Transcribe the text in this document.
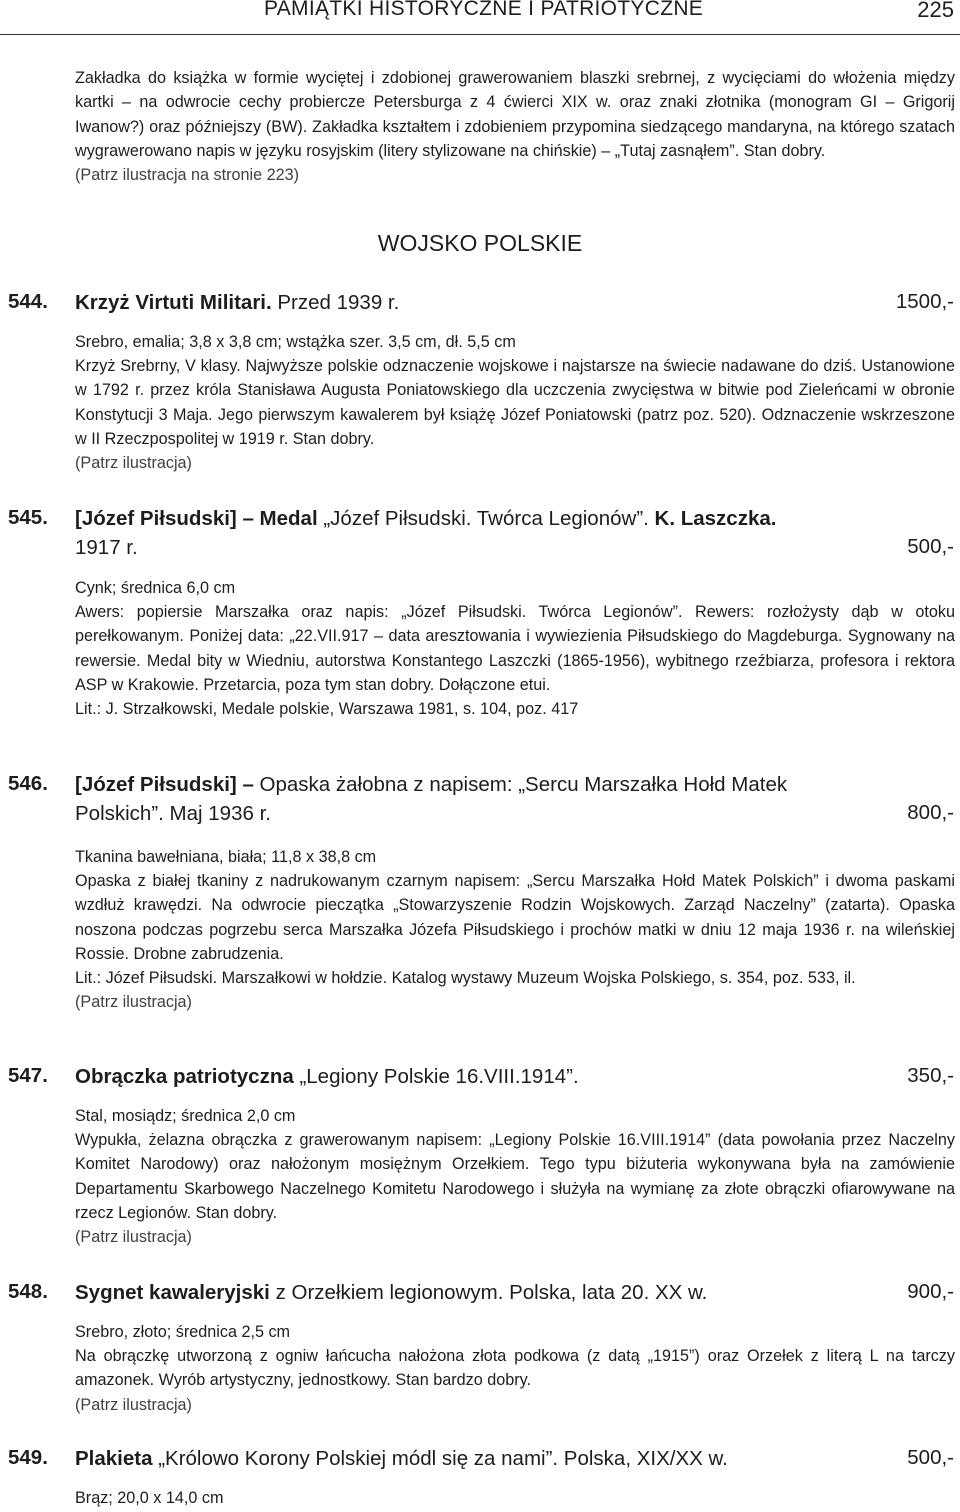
PAMIĄTKI HISTORYCZNE I PATRIOTYCZNE	225

Zakładka do książka w formie wyciętej i zdobionej grawerowaniem blaszki srebrnej, z wycięciami do włożenia między kartki – na odwrocie cechy probiercze Petersburga z 4 ćwierci XIX w. oraz znaki złotnika (monogram GI – Grigorij Iwanow?) oraz późniejszy (BW). Zakładka kształtem i zdobieniem przypomina siedzącego mandaryna, na którego szatach wygrawerowano napis w języku rosyjskim (litery stylizowane na chińskie) – „Tutaj zasnąłem”. Stan dobry.
(Patrz ilustracja na stronie 223)

WOJSKO POLSKIE
544. Krzyż Virtuti Militari. Przed 1939 r.	1500,-

Srebro, emalia; 3,8 x 3,8 cm; wstążka szer. 3,5 cm, dł. 5,5 cm

Krzyż Srebrny, V klasy. Najwyższe polskie odznaczenie wojskowe i najstarsze na świecie nadawane do dziś. Ustanowione w 1792 r. przez króla Stanisława Augusta Poniatowskiego dla uczczenia zwycięstwa w bitwie pod Zieleńcami w obronie Konstytucji 3 Maja. Jego pierwszym kawalerem był książę Józef Poniatowski (patrz poz. 520). Odznaczenie wskrzeszone w II Rzeczpospolitej w 1919 r. Stan dobry.

(Patrz ilustracja)

545. [Józef Piłsudski] – Medal „Józef Piłsudski. Twórca Legionów”. K. Laszczka.
1917 r.	500,-

Cynk; średnica 6,0 cm

Awers: popiersie Marszałka oraz napis: „Józef Piłsudski. Twórca Legionów”. Rewers: rozłożysty dąb w otoku perełkowanym. Poniżej data: „22.VII.917 – data aresztowania i wywiezienia Piłsudskiego do Magdeburga. Sygnowany na rewersie. Medal bity w Wiedniu, autorstwa Konstantego Laszczki (1865-1956), wybitnego rzeźbiarza, profesora i rektora ASP w Krakowie. Przetarcia, poza tym stan dobry. Dołączone etui.

Lit.: J. Strzałkowski, Medale polskie, Warszawa 1981, s. 104, poz. 417

546. [Józef Piłsudski] – Opaska żałobna z napisem: „Sercu Marszałka Hołd Matek
Polskich”. Maj 1936 r.	800,-

Tkanina bawełniana, biała; 11,8 x 38,8 cm

Opaska z białej tkaniny z nadrukowanym czarnym napisem: „Sercu Marszałka Hołd Matek Polskich” i dwoma paskami wzdłuż krawędzi. Na odwrocie pieczątka „Stowarzyszenie Rodzin Wojskowych. Zarząd Naczelny” (zatarta). Opaska noszona podczas pogrzebu serca Marszałka Józefa Piłsudskiego i prochów matki w dniu 12 maja 1936 r. na wileńskiej Rossie. Drobne zabrudzenia.

Lit.: Józef Piłsudski. Marszałkowi w hołdzie. Katalog wystawy Muzeum Wojska Polskiego, s. 354, poz. 533, il.

(Patrz ilustracja)

547. Obrączka patriotyczna „Legiony Polskie 16.VIII.1914”.	350,-

Stal, mosiądz; średnica 2,0 cm

Wypukła, żelazna obrączka z grawerowanym napisem: „Legiony Polskie 16.VIII.1914” (data powołania przez Naczelny Komitet Narodowy) oraz nałożonym mosiężnym Orzełkiem. Tego typu biżuteria wykonywana była na zamówienie Departamentu Skarbowego Naczelnego Komitetu Narodowego i służyła na wymianę za złote obrączki ofiarowywane na rzecz Legionów. Stan dobry.

(Patrz ilustracja)

548. Sygnet kawaleryjski z Orzełkiem legionowym. Polska, lata 20. XX w.	900,-

Srebro, złoto; średnica 2,5 cm

Na obrączkę utworzoną z ogniw łańcucha nałożona złota podkowa (z datą „1915”) oraz Orzełek z literą L na tarczy amazonek. Wyrób artystyczny, jednostkowy. Stan bardzo dobry.

(Patrz ilustracja)

549. Plakieta „Królowo Korony Polskiej módl się za nami”. Polska, XIX/XX w.	500,-

Brąz; 20,0 x 14,0 cm
